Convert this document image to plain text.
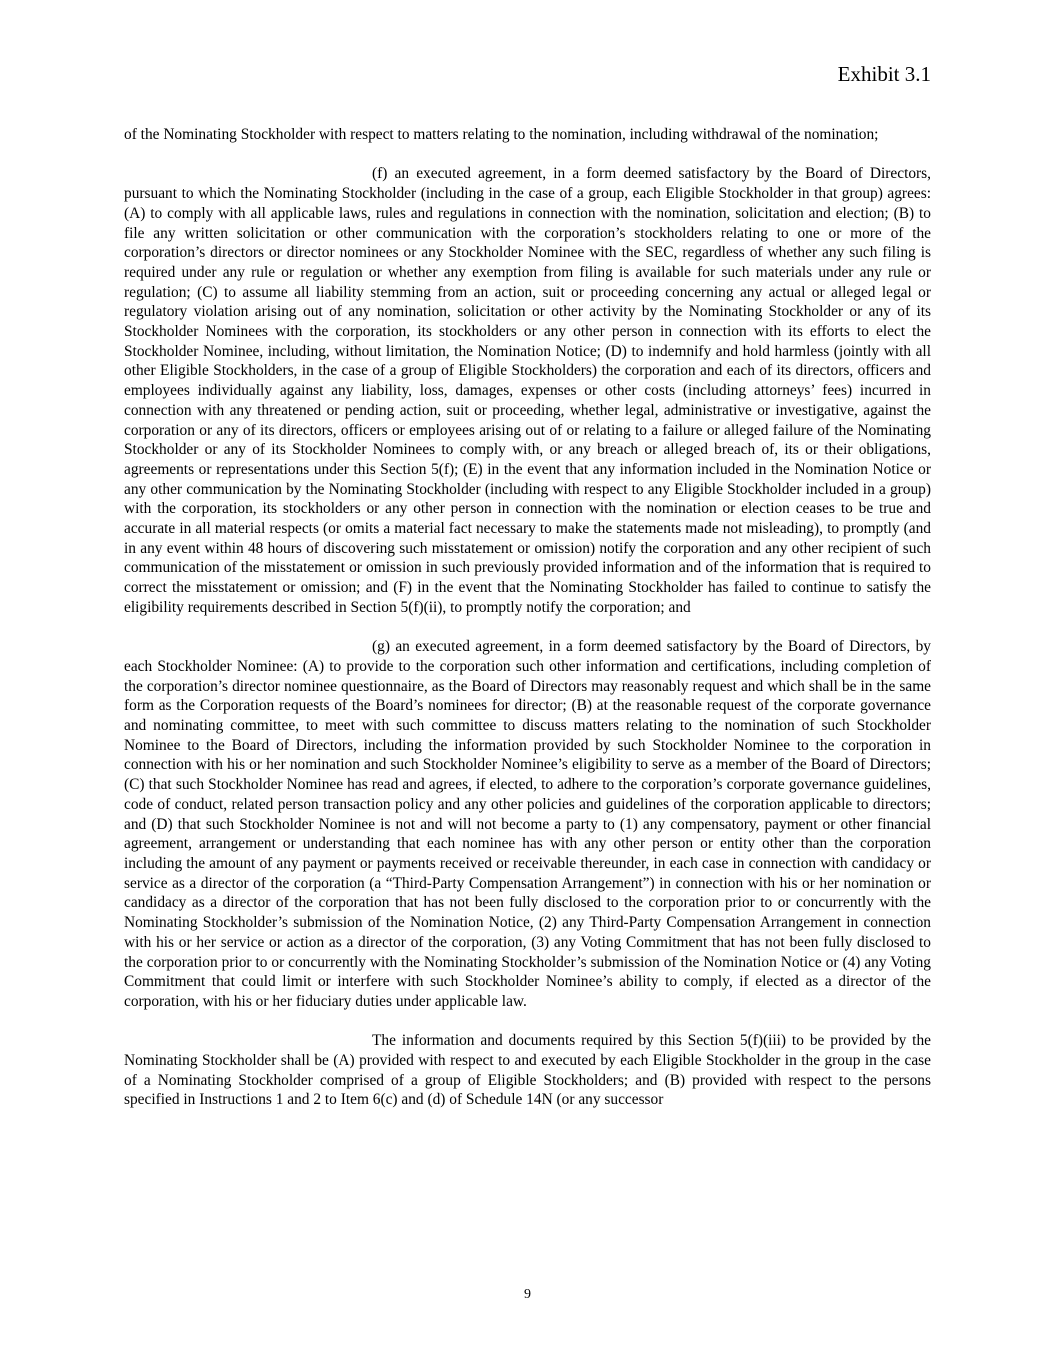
Exhibit 3.1

of the Nominating Stockholder with respect to matters relating to the nomination, including withdrawal of the nomination;

(f) an executed agreement, in a form deemed satisfactory by the Board of Directors, pursuant to which the Nominating Stockholder (including in the case of a group, each Eligible Stockholder in that group) agrees: (A) to comply with all applicable laws, rules and regulations in connection with the nomination, solicitation and election; (B) to file any written solicitation or other communication with the corporation’s stockholders relating to one or more of the corporation’s directors or director nominees or any Stockholder Nominee with the SEC, regardless of whether any such filing is required under any rule or regulation or whether any exemption from filing is available for such materials under any rule or regulation; (C) to assume all liability stemming from an action, suit or proceeding concerning any actual or alleged legal or regulatory violation arising out of any nomination, solicitation or other activity by the Nominating Stockholder or any of its Stockholder Nominees with the corporation, its stockholders or any other person in connection with its efforts to elect the Stockholder Nominee, including, without limitation, the Nomination Notice; (D) to indemnify and hold harmless (jointly with all other Eligible Stockholders, in the case of a group of Eligible Stockholders) the corporation and each of its directors, officers and employees individually against any liability, loss, damages, expenses or other costs (including attorneys’ fees) incurred in connection with any threatened or pending action, suit or proceeding, whether legal, administrative or investigative, against the corporation or any of its directors, officers or employees arising out of or relating to a failure or alleged failure of the Nominating Stockholder or any of its Stockholder Nominees to comply with, or any breach or alleged breach of, its or their obligations, agreements or representations under this Section 5(f); (E) in the event that any information included in the Nomination Notice or any other communication by the Nominating Stockholder (including with respect to any Eligible Stockholder included in a group) with the corporation, its stockholders or any other person in connection with the nomination or election ceases to be true and accurate in all material respects (or omits a material fact necessary to make the statements made not misleading), to promptly (and in any event within 48 hours of discovering such misstatement or omission) notify the corporation and any other recipient of such communication of the misstatement or omission in such previously provided information and of the information that is required to correct the misstatement or omission; and (F) in the event that the Nominating Stockholder has failed to continue to satisfy the eligibility requirements described in Section 5(f)(ii), to promptly notify the corporation; and

(g) an executed agreement, in a form deemed satisfactory by the Board of Directors, by each Stockholder Nominee: (A) to provide to the corporation such other information and certifications, including completion of the corporation’s director nominee questionnaire, as the Board of Directors may reasonably request and which shall be in the same form as the Corporation requests of the Board’s nominees for director; (B) at the reasonable request of the corporate governance and nominating committee, to meet with such committee to discuss matters relating to the nomination of such Stockholder Nominee to the Board of Directors, including the information provided by such Stockholder Nominee to the corporation in connection with his or her nomination and such Stockholder Nominee’s eligibility to serve as a member of the Board of Directors; (C) that such Stockholder Nominee has read and agrees, if elected, to adhere to the corporation’s corporate governance guidelines, code of conduct, related person transaction policy and any other policies and guidelines of the corporation applicable to directors; and (D) that such Stockholder Nominee is not and will not become a party to (1) any compensatory, payment or other financial agreement, arrangement or understanding that each nominee has with any other person or entity other than the corporation including the amount of any payment or payments received or receivable thereunder, in each case in connection with candidacy or service as a director of the corporation (a “Third-Party Compensation Arrangement”) in connection with his or her nomination or candidacy as a director of the corporation that has not been fully disclosed to the corporation prior to or concurrently with the Nominating Stockholder’s submission of the Nomination Notice, (2) any Third-Party Compensation Arrangement in connection with his or her service or action as a director of the corporation, (3) any Voting Commitment that has not been fully disclosed to the corporation prior to or concurrently with the Nominating Stockholder’s submission of the Nomination Notice or (4) any Voting Commitment that could limit or interfere with such Stockholder Nominee’s ability to comply, if elected as a director of the corporation, with his or her fiduciary duties under applicable law.

The information and documents required by this Section 5(f)(iii) to be provided by the Nominating Stockholder shall be (A) provided with respect to and executed by each Eligible Stockholder in the group in the case of a Nominating Stockholder comprised of a group of Eligible Stockholders; and (B) provided with respect to the persons specified in Instructions 1 and 2 to Item 6(c) and (d) of Schedule 14N (or any successor

9
